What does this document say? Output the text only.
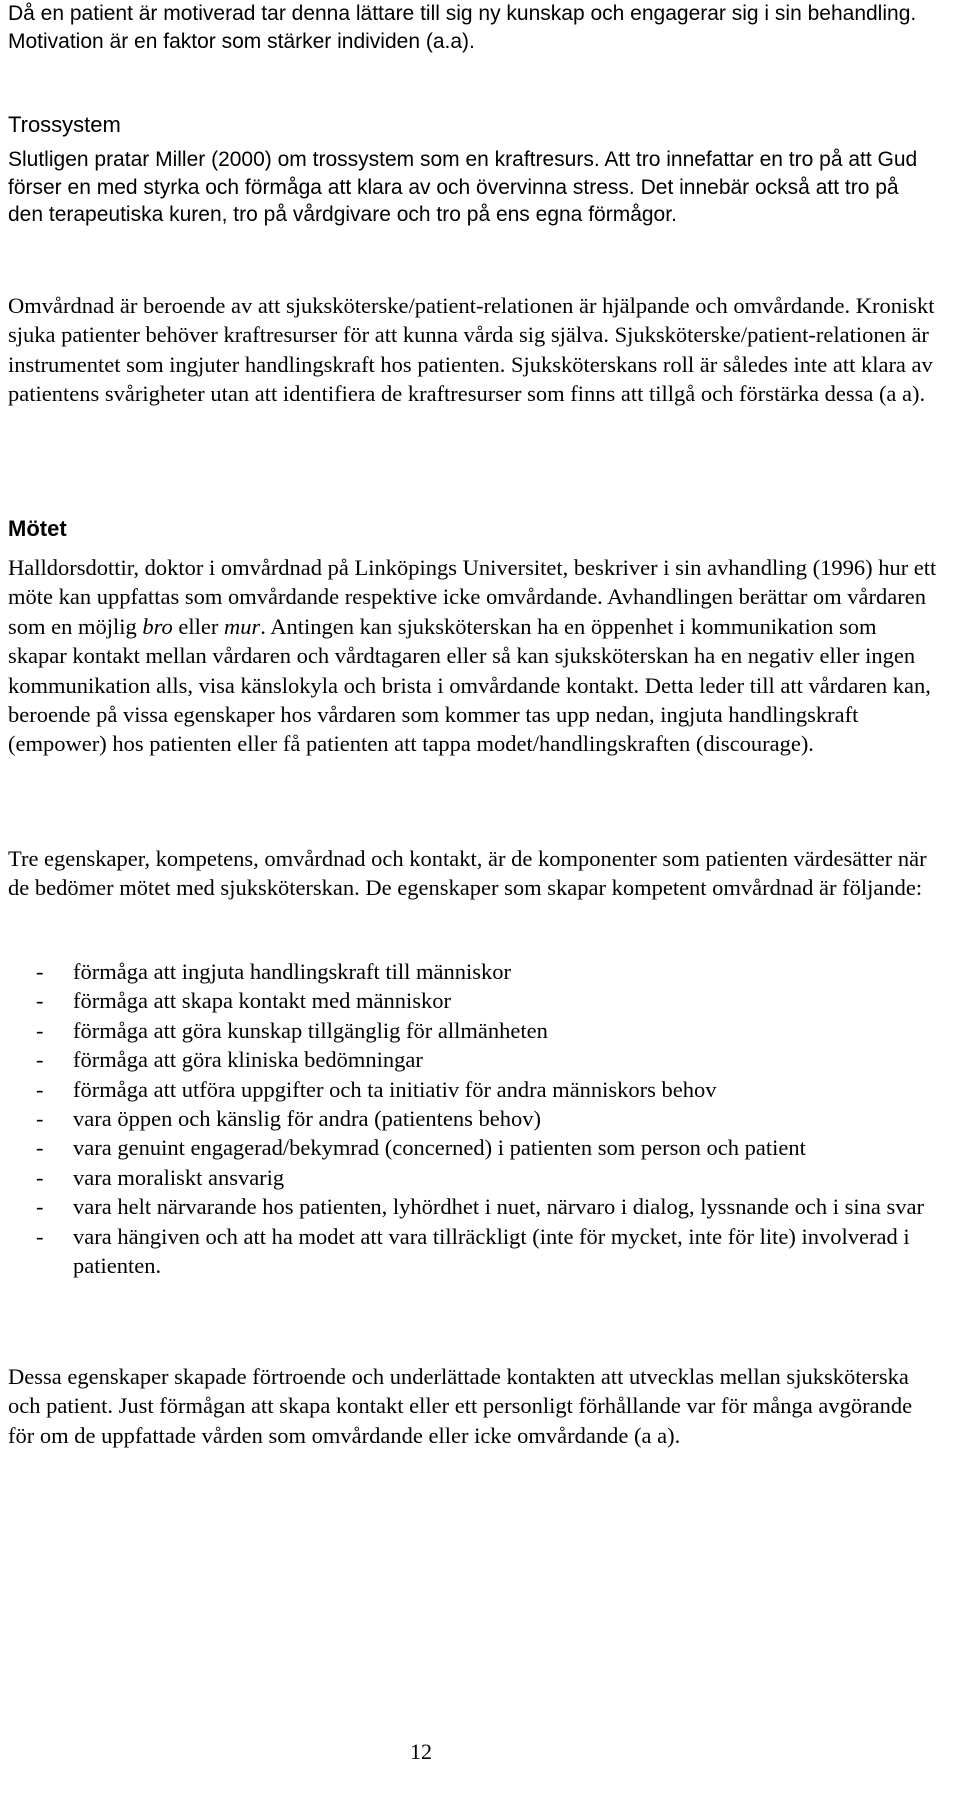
Då en patient är motiverad tar denna lättare till sig ny kunskap och engagerar sig i sin behandling. Motivation är en faktor som stärker individen (a.a).

Trossystem

Slutligen pratar Miller (2000) om trossystem som en kraftresurs. Att tro innefattar en tro på att Gud förser en med styrka och förmåga att klara av och övervinna stress. Det innebär också att tro på den terapeutiska kuren, tro på vårdgivare och tro på ens egna förmågor.

Omvårdnad är beroende av att sjuksköterske/patient-relationen är hjälpande och omvårdande. Kroniskt sjuka patienter behöver kraftresurser för att kunna vårda sig själva. Sjuksköterske/patient-relationen är instrumentet som ingjuter handlingskraft hos patienten. Sjuksköterskans roll är således inte att klara av patientens svårigheter utan att identifiera de kraftresurser som finns att tillgå och förstärka dessa (a a).

Mötet

Halldorsdottir, doktor i omvårdnad på Linköpings Universitet, beskriver i sin avhandling (1996) hur ett möte kan uppfattas som omvårdande respektive icke omvårdande. Avhandlingen berättar om vårdaren som en möjlig bro eller mur. Antingen kan sjuksköterskan ha en öppenhet i kommunikation som skapar kontakt mellan vårdaren och vårdtagaren eller så kan sjuksköterskan ha en negativ eller ingen kommunikation alls, visa känslokyla och brista i omvårdande kontakt. Detta leder till att vårdaren kan, beroende på vissa egenskaper hos vårdaren som kommer tas upp nedan, ingjuta handlingskraft (empower) hos patienten eller få patienten att tappa modet/handlingskraften (discourage).

Tre egenskaper, kompetens, omvårdnad och kontakt, är de komponenter som patienten värdesätter när de bedömer mötet med sjuksköterskan. De egenskaper som skapar kompetent omvårdnad är följande:

-	förmåga att ingjuta handlingskraft till människor
-	förmåga att skapa kontakt med människor
-	förmåga att göra kunskap tillgänglig för allmänheten
-	förmåga att göra kliniska bedömningar
-	förmåga att utföra uppgifter och ta initiativ för andra människors behov
-	vara öppen och känslig för andra (patientens behov)
-	vara genuint engagerad/bekymrad (concerned) i patienten som person och patient
-	vara moraliskt ansvarig
-	vara helt närvarande hos patienten, lyhördhet i nuet, närvaro i dialog, lyssnande och i sina svar
-	vara hängiven och att ha modet att vara tillräckligt (inte för mycket, inte för lite) involverad i patienten.

Dessa egenskaper skapade förtroende och underlättade kontakten att utvecklas mellan sjuksköterska och patient. Just förmågan att skapa kontakt eller ett personligt förhållande var för många avgörande för om de uppfattade vården som omvårdande eller icke omvårdande (a a).

12
